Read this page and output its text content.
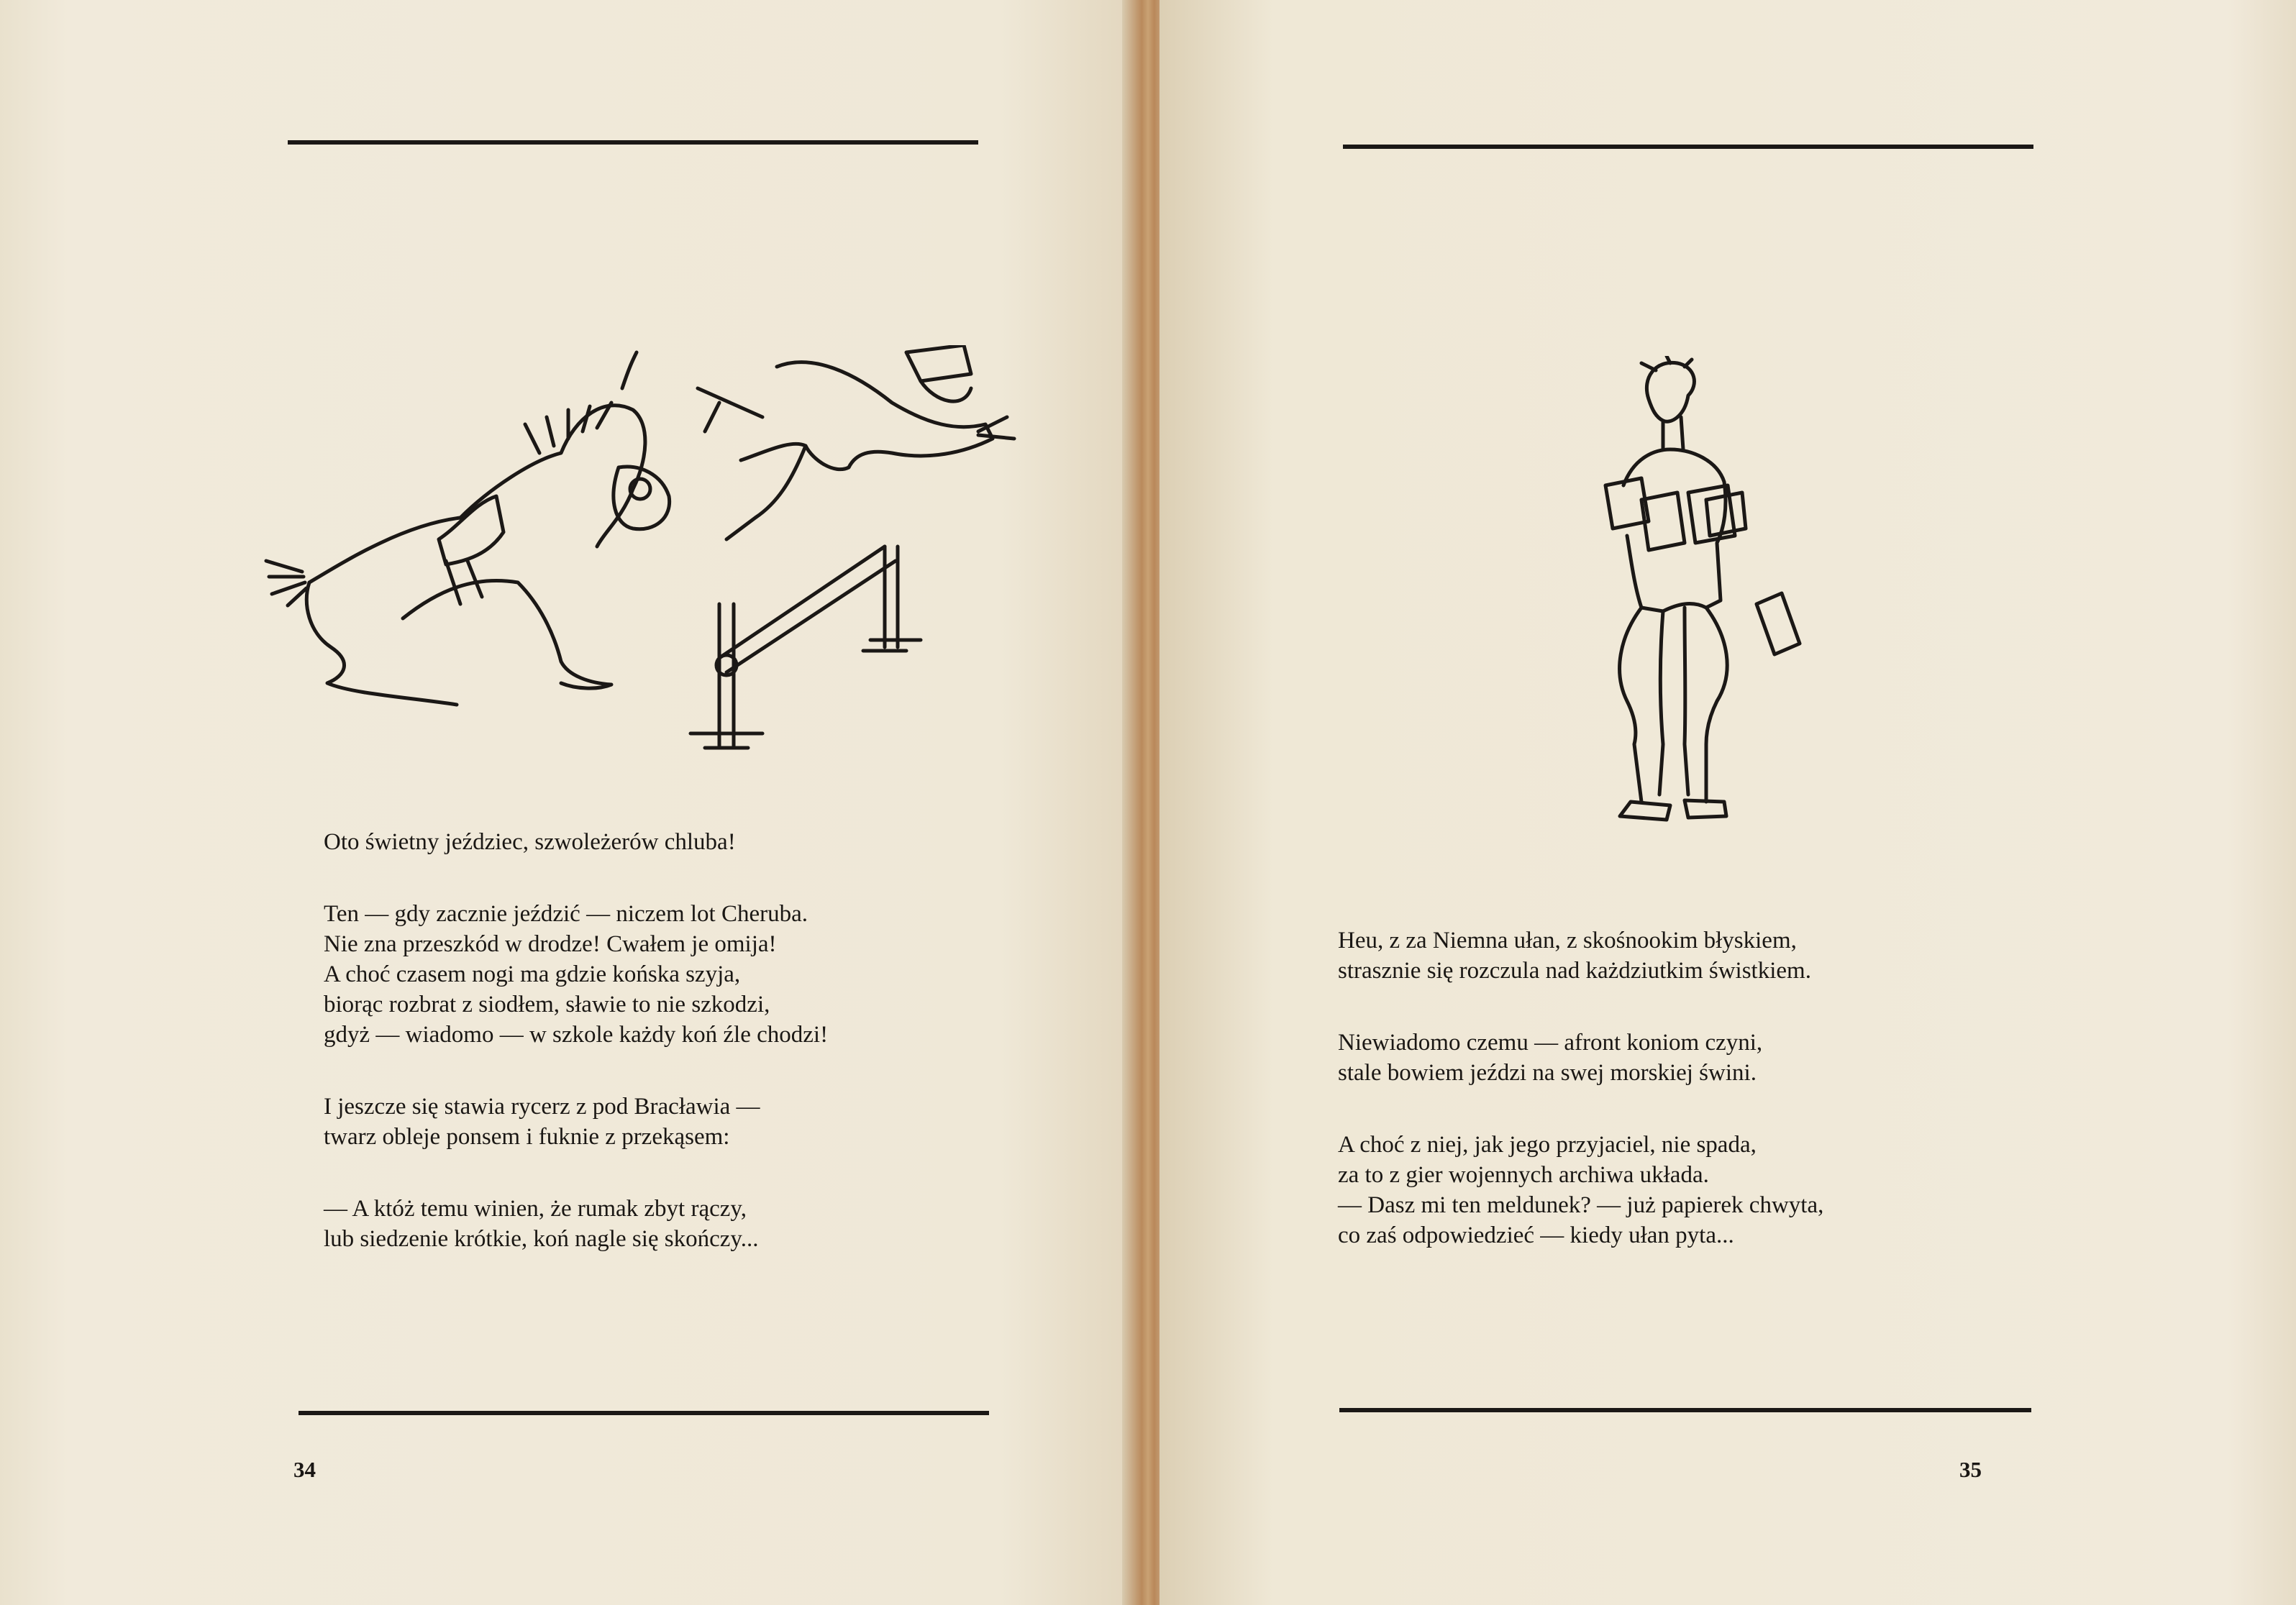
Oto świetny jeździec, szwoleżerów chluba!

Ten — gdy zacznie jeździć — niczem lot Cheruba.

Nie zna przeszkód w drodze! Cwałem je omija!

A choć czasem nogi ma gdzie końska szyja,

biorąc rozbrat z siodłem, sławie to nie szkodzi,

gdyż — wiadomo — w szkole każdy koń źle chodzi!

I jeszcze się stawia rycerz z pod Bracławia —

twarz obleje ponsem i fuknie z przekąsem:

— A któż temu winien, że rumak zbyt rączy,

lub siedzenie krótkie, koń nagle się skończy...

34

Heu, z za Niemna ułan, z skośnookim błyskiem,

strasznie się rozczula nad każdziutkim świstkiem.

Niewiadomo czemu — afront koniom czyni,

stale bowiem jeździ na swej morskiej świni.

A choć z niej, jak jego przyjaciel, nie spada,

za to z gier wojennych archiwa układa.

— Dasz mi ten meldunek? — już papierek chwyta,

co zaś odpowiedzieć — kiedy ułan pyta...

35
